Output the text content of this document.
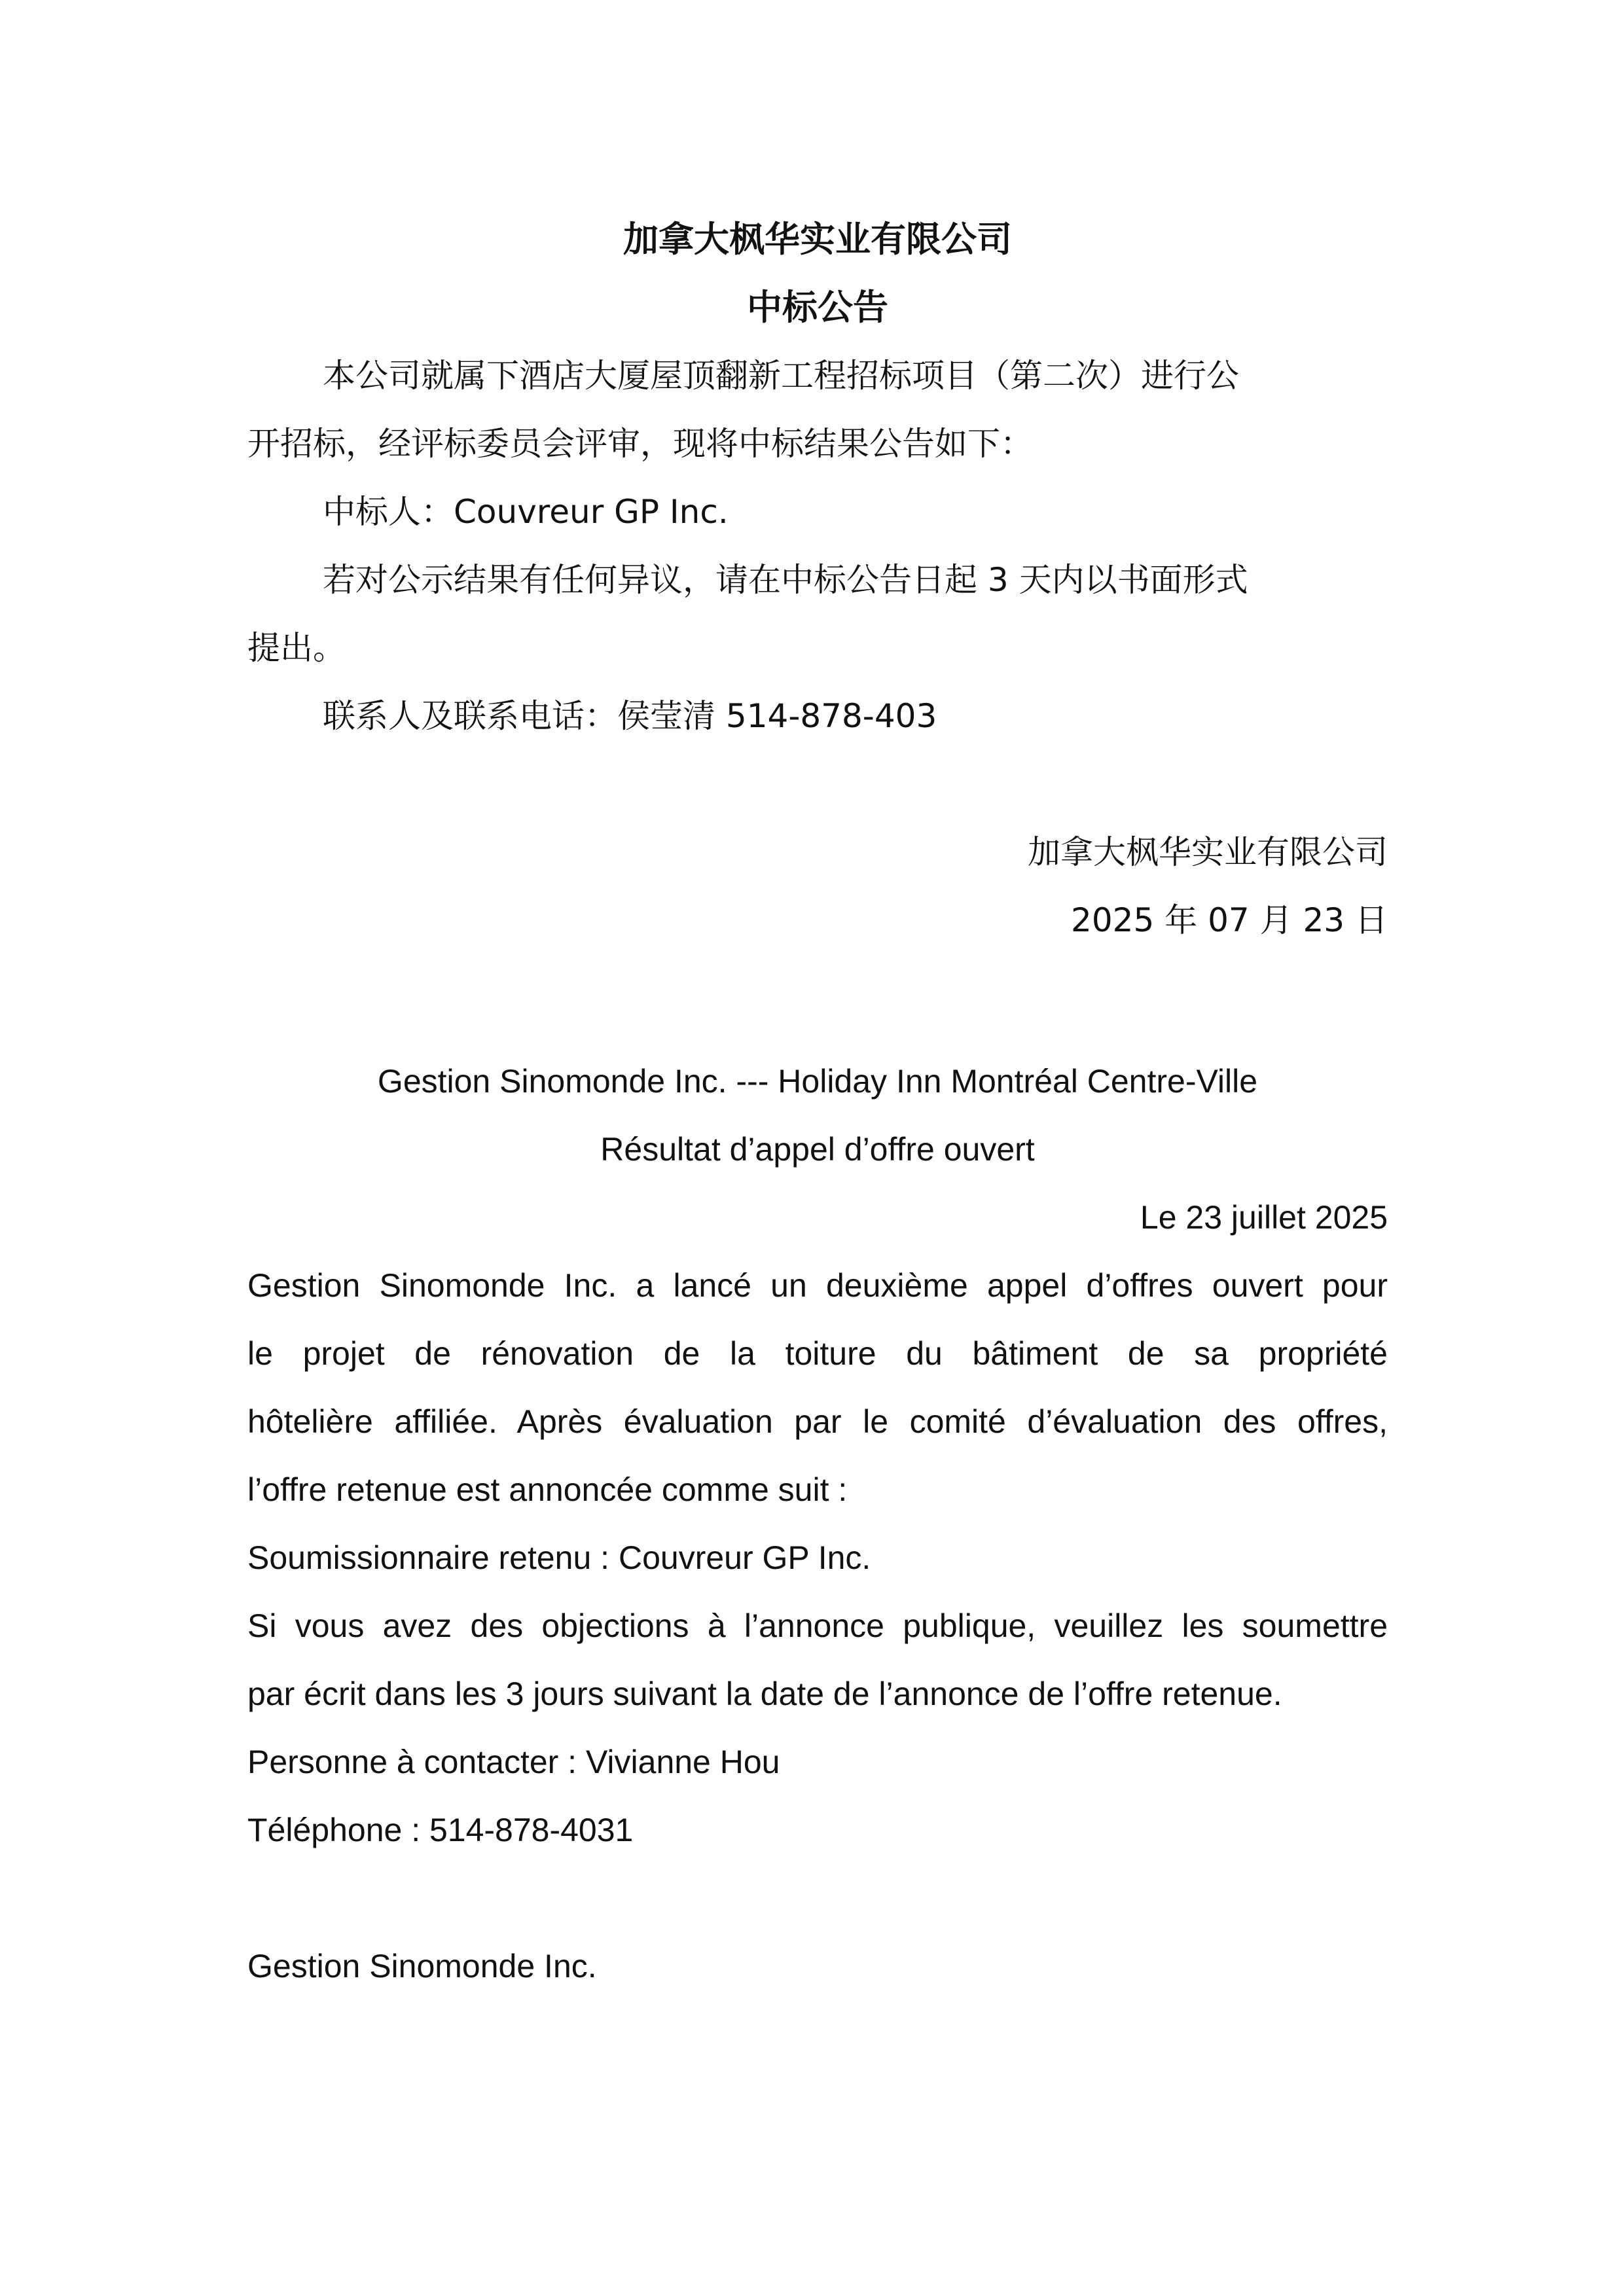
加拿大枫华实业有限公司
中标公告
本公司就属下酒店大厦屋顶翻新工程招标项目（第二次）进行公
开招标，经评标委员会评审，现将中标结果公告如下：
中标人：Couvreur GP Inc.
若对公示结果有任何异议，请在中标公告日起 3 天内以书面形式
提出。
联系人及联系电话：侯莹清 514-878-403
加拿大枫华实业有限公司
2025 年 07 月 23 日
Gestion Sinomonde Inc. --- Holiday Inn Montréal Centre-Ville
Résultat d’appel d’offre ouvert
Le 23 juillet 2025
Gestion Sinomonde Inc. a lancé un deuxième appel d’offres ouvert pour
le projet de rénovation de la toiture du bâtiment de sa propriété
hôtelière affiliée. Après évaluation par le comité d’évaluation des offres,
l’offre retenue est annoncée comme suit :
Soumissionnaire retenu : Couvreur GP Inc.
Si vous avez des objections à l’annonce publique, veuillez les soumettre
par écrit dans les 3 jours suivant la date de l’annonce de l’offre retenue.
Personne à contacter : Vivianne Hou
Téléphone : 514-878-4031
Gestion Sinomonde Inc.
